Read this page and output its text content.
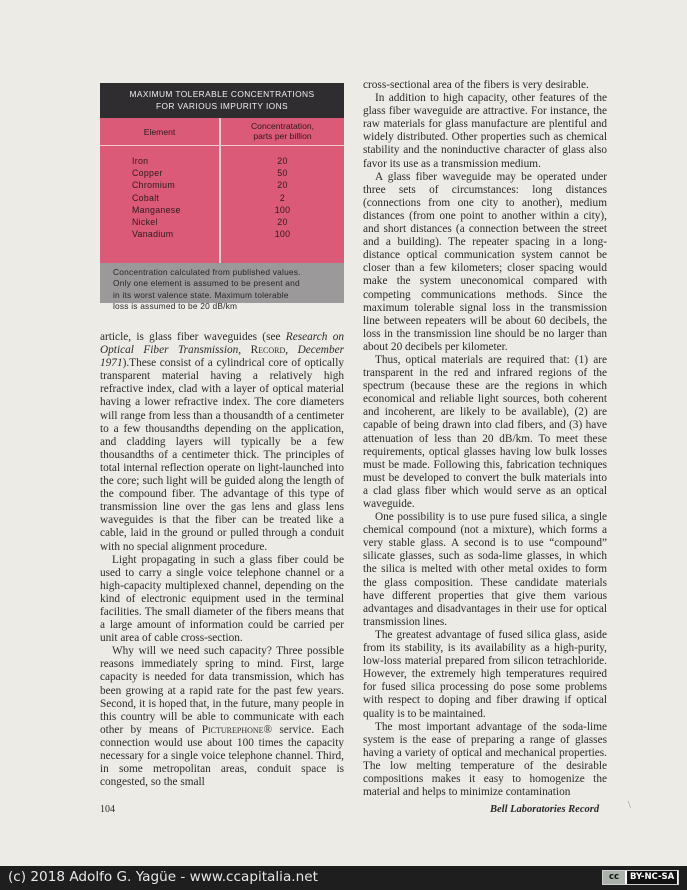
MAXIMUM TOLERABLE CONCENTRATIONS
FOR VARIOUS IMPURITY IONS
Element
Concentratation,
parts per billion
Iron	20
Copper	50
Chromium	20
Cobalt	2
Manganese	100
Nickel	20
Vanadium	100
Concentration calculated from published values.
Only one element is assumed to be present and
in its worst valence state. Maximum tolerable
loss is assumed to be 20 dB/km

article, is glass fiber waveguides (see Research on Optical Fiber Transmission, Record, December 1971).These consist of a cylindrical core of optically transparent material having a relatively high refractive index, clad with a layer of optical material having a lower refractive index. The core diameters will range from less than a thousandth of a centimeter to a few thousandths depending on the application, and cladding layers will typically be a few thousandths of a centimeter thick. The principles of total internal reflection operate on light-launched into the core; such light will be guided along the length of the compound fiber. The advantage of this type of transmission line over the gas lens and glass lens waveguides is that the fiber can be treated like a cable, laid in the ground or pulled through a conduit with no special alignment procedure.

Light propagating in such a glass fiber could be used to carry a single voice telephone channel or a high-capacity multiplexed channel, depending on the kind of electronic equipment used in the terminal facilities. The small diameter of the fibers means that a large amount of information could be carried per unit area of cable cross-section.

Why will we need such capacity? Three possible reasons immediately spring to mind. First, large capacity is needed for data transmission, which has been growing at a rapid rate for the past few years. Second, it is hoped that, in the future, many people in this country will be able to communicate with each other by means of Picturephone® service. Each connection would use about 100 times the capacity necessary for a single voice telephone channel. Third, in some metropolitan areas, conduit space is congested, so the small

cross-sectional area of the fibers is very desirable.

In addition to high capacity, other features of the glass fiber waveguide are attractive. For instance, the raw materials for glass manufacture are plentiful and widely distributed. Other properties such as chemical stability and the noninductive character of glass also favor its use as a transmission medium.

A glass fiber waveguide may be operated under three sets of circumstances: long distances (connections from one city to another), medium distances (from one point to another within a city), and short distances (a connection between the street and a building). The repeater spacing in a long-distance optical communication system cannot be closer than a few kilometers; closer spacing would make the system uneconomical compared with competing communications methods. Since the maximum tolerable signal loss in the transmission line between repeaters will be about 60 decibels, the loss in the transmission line should be no larger than about 20 decibels per kilometer.

Thus, optical materials are required that: (1) are transparent in the red and infrared regions of the spectrum (because these are the regions in which economical and reliable light sources, both coherent and incoherent, are likely to be available), (2) are capable of being drawn into clad fibers, and (3) have attenuation of less than 20 dB/km. To meet these requirements, optical glasses having low bulk losses must be made. Following this, fabrication techniques must be developed to convert the bulk materials into a clad glass fiber which would serve as an optical waveguide.

One possibility is to use pure fused silica, a single chemical compound (not a mixture), which forms a very stable glass. A second is to use “compound” silicate glasses, such as soda-lime glasses, in which the silica is melted with other metal oxides to form the glass composition. These candidate materials have different properties that give them various advantages and disadvantages in their use for optical transmission lines.

The greatest advantage of fused silica glass, aside from its stability, is its availability as a high-purity, low-loss material prepared from silicon tetrachloride. However, the extremely high temperatures required for fused silica processing do pose some problems with respect to doping and fiber drawing if optical quality is to be maintained.

The most important advantage of the soda-lime system is the ease of preparing a range of glasses having a variety of optical and mechanical properties. The low melting temperature of the desirable compositions makes it easy to homogenize the material and helps to minimize contamination

104	Bell Laboratories Record	\
(c) 2018 Adolfo G. Yagüe - www.ccapitalia.net	cc	BY-NC-SA
